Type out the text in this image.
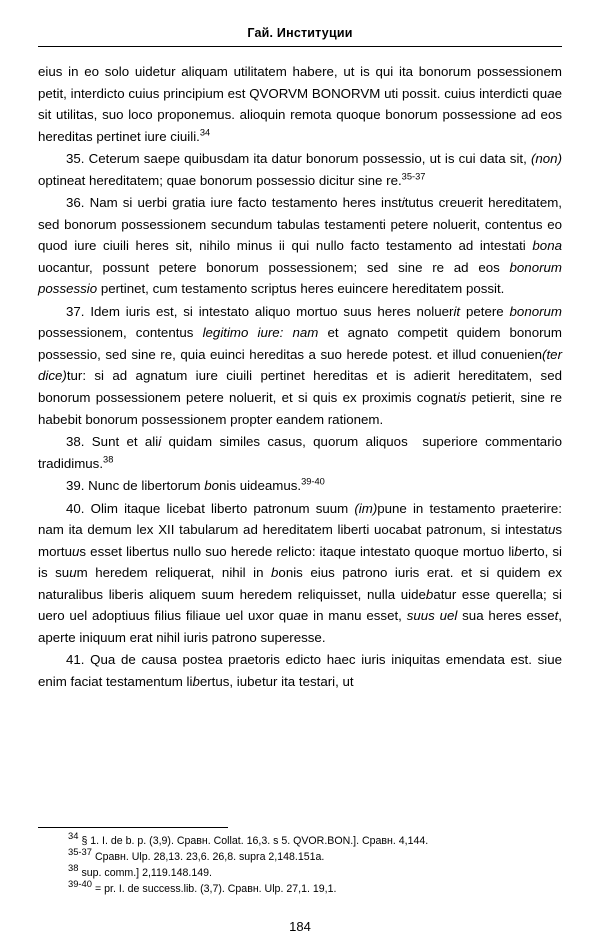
Гай. Институции

eius in eo solo uidetur aliquam utilitatem habere, ut is qui ita bonorum possessionem petit, interdicto cuius principium est QVORVM BONORVM uti possit. cuius interdicti quae sit utilitas, suo loco proponemus. alioquin remota quoque bonorum possessione ad eos hereditas pertinet iure ciuili.$^{34}$

35. Ceterum saepe quibusdam ita datur bonorum possessio, ut is cui data sit, (non) optineat hereditatem; quae bonorum possessio dicitur sine re.$^{35-37}$

36. Nam si uerbi gratia iure facto testamento heres institutus creuerit hereditatem, sed bonorum possessionem secundum tabulas testamenti petere noluerit, contentus eo quod iure ciuili heres sit, nihilo minus ii qui nullo facto testamento ad intestati bona uocantur, possunt petere bonorum possessionem; sed sine re ad eos bonorum possessio pertinet, cum testamento scriptus heres euincere hereditatem possit.

37. Idem iuris est, si intestato aliquo mortuo suus heres noluerit petere bonorum possessionem, contentus legitimo iure: nam et agnato competit quidem bonorum possessio, sed sine re, quia euinci hereditas a suo herede potest. et illud conuenien(ter dice)tur: si ad agnatum iure ciuili pertinet hereditas et is adierit hereditatem, sed bonorum possessionem petere noluerit, et si quis ex proximis cognatis petierit, sine re habebit bonorum possessionem propter eandem rationem.

38. Sunt et alii quidam similes casus, quorum aliquos  superiore commentario tradidimus.$^{38}$

39. Nunc de libertorum bonis uideamus.$^{39-40}$

40. Olim itaque licebat liberto patronum suum (im)pune in testamento praeterire: nam ita demum lex XII tabularum ad hereditatem liberti uocabat patronum, si intestatus mortuus esset libertus nullo suo herede relicto: itaque intestato quoque mortuo liberto, si is suum heredem reliquerat, nihil in bonis eius patrono iuris erat. et si quidem ex naturalibus liberis aliquem suum heredem reliquisset, nulla uidebatur esse querella; si uero uel adoptiuus filius filiaue uel uxor quae in manu esset, suus uel sua heres esset, aperte iniquum erat nihil iuris patrono superesse.

41. Qua de causa postea praetoris edicto haec iuris iniquitas emendata est. siue enim faciat testamentum libertus, iubetur ita testari, ut

34 § 1. I. de b. p. (3,9). Сравн. Collat. 16,3. s 5. QVOR.BON.]. Сравн. 4,144.
35-37 Сравн. Ulp. 28,13. 23,6. 26,8. supra 2,148.151a.
38 sup. comm.] 2,119.148.149.
39-40 = pr. I. de success.lib. (3,7). Сравн. Ulp. 27,1. 19,1.
184
